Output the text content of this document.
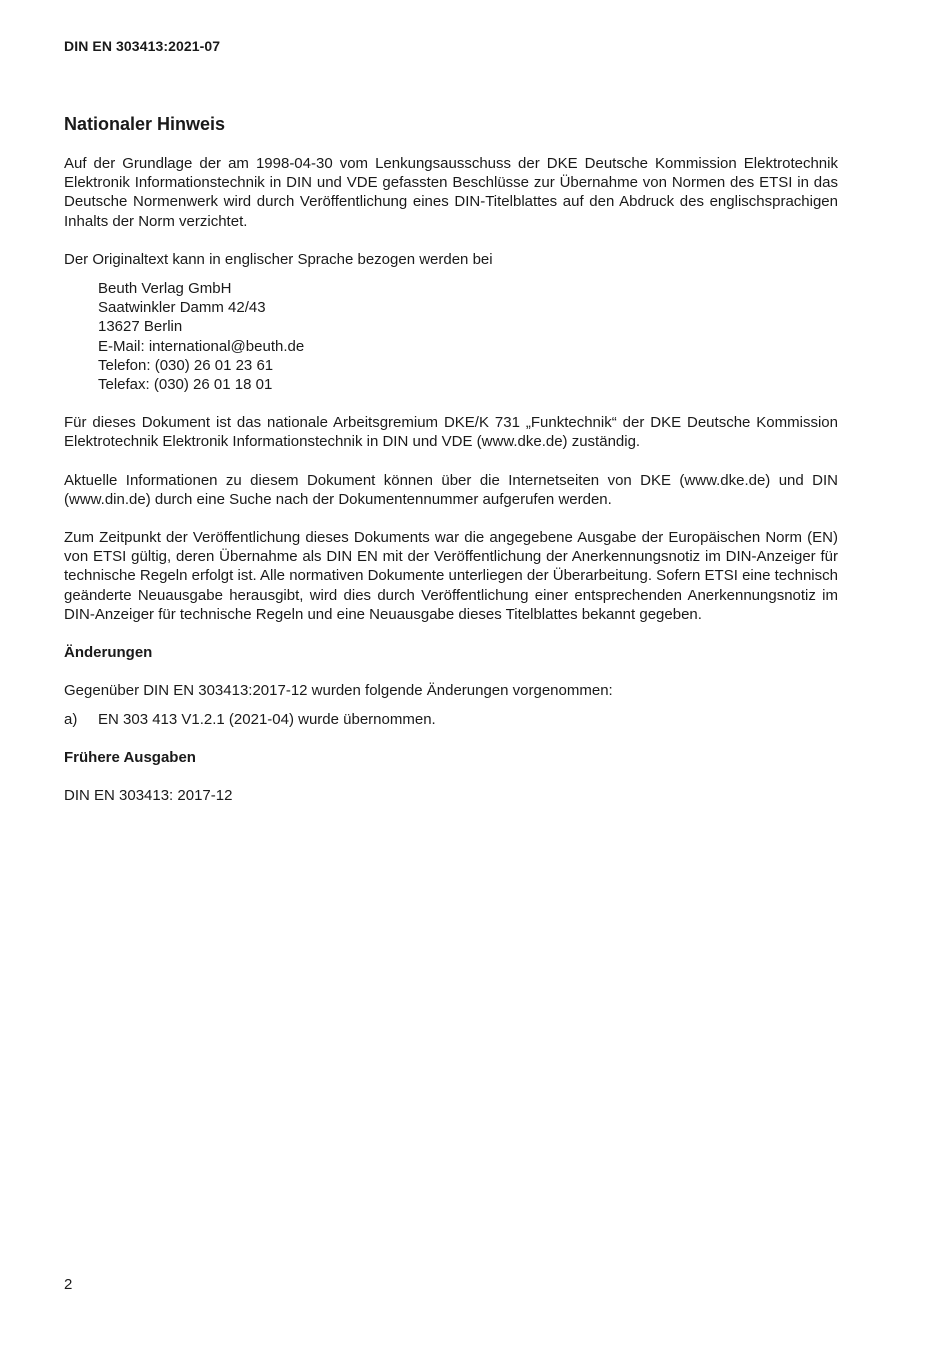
DIN EN 303413:2021-07
Nationaler Hinweis

Auf der Grundlage der am 1998-04-30 vom Lenkungsausschuss der DKE Deutsche Kommission Elektrotechnik Elektronik Informationstechnik in DIN und VDE gefassten Beschlüsse zur Übernahme von Normen des ETSI in das Deutsche Normenwerk wird durch Veröffentlichung eines DIN-Titelblattes auf den Abdruck des englischsprachigen Inhalts der Norm verzichtet.

Der Originaltext kann in englischer Sprache bezogen werden bei

Beuth Verlag GmbH
Saatwinkler Damm 42/43
13627 Berlin
E-Mail: international@beuth.de
Telefon: (030) 26 01 23 61
Telefax: (030) 26 01 18 01

Für dieses Dokument ist das nationale Arbeitsgremium DKE/K 731 „Funktechnik“ der DKE Deutsche Kommission Elektrotechnik Elektronik Informationstechnik in DIN und VDE (www.dke.de) zuständig.

Aktuelle Informationen zu diesem Dokument können über die Internetseiten von DKE (www.dke.de) und DIN (www.din.de) durch eine Suche nach der Dokumentennummer aufgerufen werden.

Zum Zeitpunkt der Veröffentlichung dieses Dokuments war die angegebene Ausgabe der Europäischen Norm (EN) von ETSI gültig, deren Übernahme als DIN EN mit der Veröffentlichung der Anerkennungsnotiz im DIN-Anzeiger für technische Regeln erfolgt ist. Alle normativen Dokumente unterliegen der Überarbeitung. Sofern ETSI eine technisch geänderte Neuausgabe herausgibt, wird dies durch Veröffentlichung einer entsprechenden Anerkennungsnotiz im DIN-Anzeiger für technische Regeln und eine Neuausgabe dieses Titelblattes bekannt gegeben.

Änderungen

Gegenüber DIN EN 303413:2017-12 wurden folgende Änderungen vorgenommen:

a)	EN 303 413 V1.2.1 (2021-04) wurde übernommen.
Frühere Ausgaben

DIN EN 303413: 2017-12

2
